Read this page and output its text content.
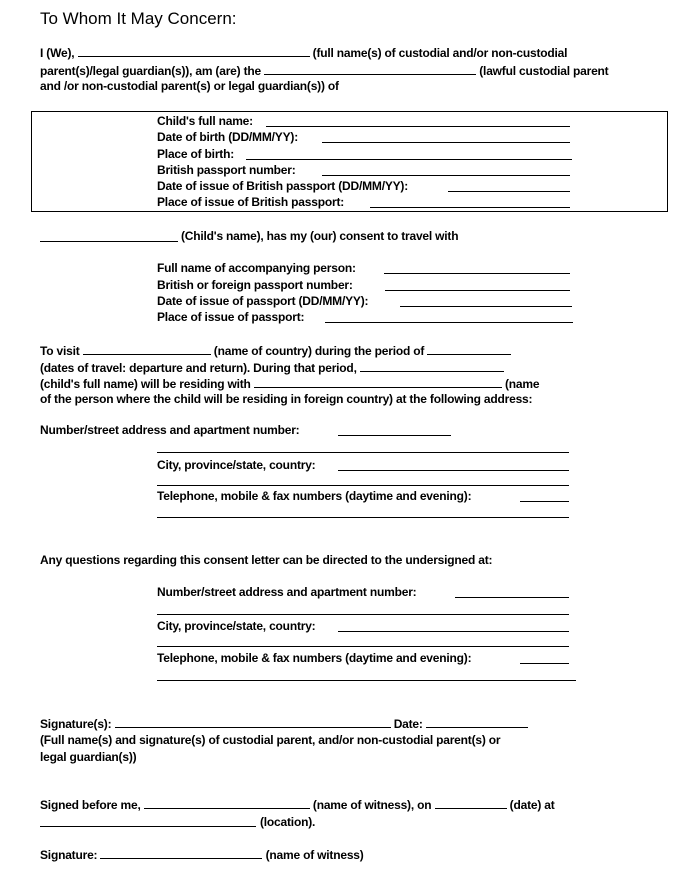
To Whom It May Concern:
I (We),	(full name(s) of custodial and/or non-custodial
parent(s)/legal guardian(s)), am (are) the	(lawful custodial parent
and /or non-custodial parent(s) or legal guardian(s)) of
Child's full name:
Date of birth (DD/MM/YY):
Place of birth:
British passport number:
Date of issue of British passport (DD/MM/YY):
Place of issue of British passport:
(Child's name), has my (our) consent to travel with
Full name of accompanying person:
British or foreign passport number:
Date of issue of passport (DD/MM/YY):
Place of issue of passport:
To visit	(name of country) during the period of
(dates of travel: departure and return). During that period,
(child's full name) will be residing with	(name
of the person where the child will be residing in foreign country) at the following address:
Number/street address and apartment number:
City, province/state, country:
Telephone, mobile & fax numbers (daytime and evening):
Any questions regarding this consent letter can be directed to the undersigned at:
Number/street address and apartment number:
City, province/state, country:
Telephone, mobile & fax numbers (daytime and evening):
Signature(s):	Date:
(Full name(s) and signature(s) of custodial parent, and/or non-custodial parent(s) or
legal guardian(s))
Signed before me,	(name of witness), on	(date) at
(location).
Signature:	(name of witness)
